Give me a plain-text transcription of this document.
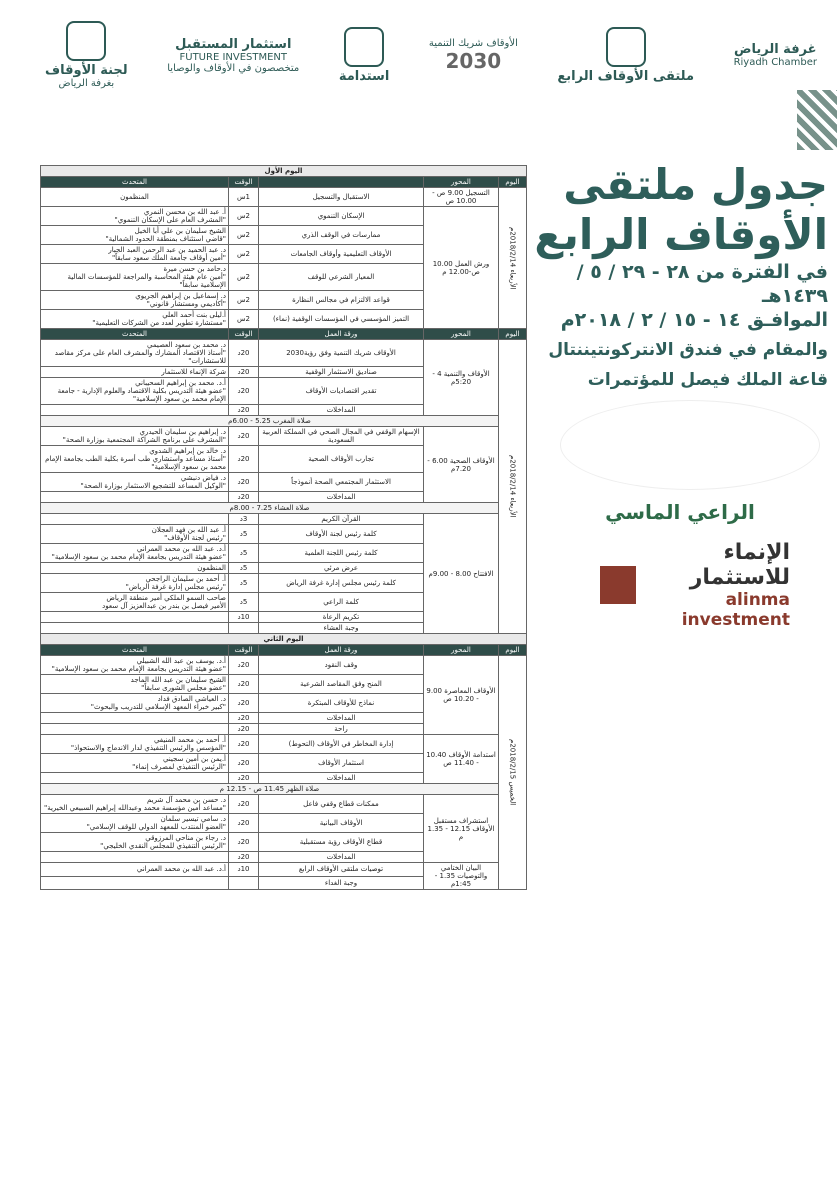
لجنة الأوقاف
بغرفة الرياض
استثمار المستقبل
FUTURE INVESTMENT
متخصصون في الأوقاف والوصايا
استدامة
الأوقاف شريك التنمية
2030
ملتقى الأوقاف الرابع
غرفة الرياض
Riyadh Chamber
جدول ملتقى
الأوقاف الرابع
في الفترة من ٢٨ - ٢٩ / ٥ / ١٤٣٩هـ
الموافـق ١٤ - ١٥ / ٢ / ٢٠١٨م
والمقام في فندق الانتركونتيننتال
قاعة الملك فيصل للمؤتمرات
الراعي الماسي
الإنماء للاستثمار
alinma investment
اليوم الأول				
اليوم	المحور		الوقت	المتحدث
الأربعاء 2018/2/14م	التسجيل 9.00 ص - 10.00 ص	الاستقبال والتسجيل	1س	المنظمون
	ورش العمل 10.00 ص-12.00 م	الإسكان التنموي	2س	أ. عبد الله بن محسن النمري
"المشرف العام على الإسكان التنموي"

		ممارسات في الوقف الذري	2س	الشيخ سليمان بن علي أبا الخيل
"قاضي استئناف بمنطقة الحدود الشمالية"

		الأوقاف التعليمية وأوقاف الجامعات	2س	د. عبد الحميد بن عبد الرحمن العبد الجبار
"أمين أوقاف جامعة الملك سعود سابقاً"

		المعيار الشرعي للوقف	2س	د.حامد بن حسن ميرة
"أمين عام هيئة المحاسبة والمراجعة للمؤسسات المالية الإسلامية سابقاً"

		قواعد الالتزام في مجالس النظارة	2س	د. إسماعيل بن إبراهيم الجريوي
"أكاديمي ومستشار قانوني"

		التميز المؤسسي في المؤسسات الوقفية (نماء)	2س	أ.ليلى بنت أحمد العلي
"مستشارة تطوير لعدد من الشركات التعليمية"

اليوم	المحور	ورقة العمل	الوقت	المتحدث
الأربعاء 2018/2/14م	الأوقاف والتنمية 4 - 5:20م	الأوقاف شريك التنمية وفق رؤية2030	20د	د. محمد بن سعود العصيمي
"أستاذ الاقتصاد المشارك والمشرف العام على مركز مقاصد للاستشارات"

		صناديق الاستثمار الوقفية	20د	شركة الإنماء للاستثمار

		تقدير اقتصاديات الأوقاف	20د	أ.د. محمد بن إبراهيم السحيباني
"عضو هيئة التدريس بكلية الاقتصاد والعلوم الإدارية - جامعة الإمام محمد بن سعود الإسلامية"

		المداخلات	20د	

	صلاة المغرب 5.25 - 6.00م			
	الأوقاف الصحية 6.00 - 7.20م	الإسهام الوقفي في المجال الصحي في المملكة العربية السعودية	20د	د. إبراهيم بن سليمان الحيدري
"المشرف على برنامج الشراكة المجتمعية بوزارة الصحة"

		تجارب الأوقاف الصحية	20د	د. خالد بن إبراهيم الشدوي
"أستاذ مساعد واستشاري طب أسرة بكلية الطب بجامعة الإمام محمد بن سعود الإسلامية"

		الاستثمار المجتمعي الصحة أنموذجاً	20د	د. فياض دنبشي
"الوكيل المساعد للتشجيع الاستثمار بوزارة الصحة"

		المداخلات	20د	

	صلاة العشاء 7.25 - 8.00م			
	الافتتاح 8.00 - 9.00م	القرآن الكريم	3د	

		كلمة رئيس لجنة الأوقاف	5د	أ. عبد الله بن فهد العجلان
"رئيس لجنة الأوقاف"

		كلمة رئيس اللجنة العلمية	5د	أ.د. عبد الله بن محمد العمراني
"عضو هيئة التدريس بجامعة الإمام محمد بن سعود الإسلامية"

		عرض مرئي	5د	المنظمون

		كلمة رئيس مجلس إدارة غرفة الرياض	5د	أ. أحمد بن سليمان الراجحي
"رئيس مجلس إدارة غرفة الرياض"

		كلمة الراعي	5د	صاحب السمو الملكي أمير منطقة الرياض
الأمير فيصل بن بندر بن عبدالعزيز آل سعود

		تكريم الرعاة	10د	

		وجبة العشاء		

اليوم الثاني				
اليوم	المحور	ورقة العمل	الوقت	المتحدث
الخميس 2018/2/15م	الأوقاف المعاصرة 9.00 - 10.20 ص	وقف النقود	20د	أ.د. يوسف بن عبد الله الشبيلي
"عضو هيئة التدريس بجامعة الإمام محمد بن سعود الإسلامية"

		المنح وفق المقاصد الشرعية	20د	الشيخ سليمان بن عبد الله الماجد
"عضو مجلس الشورى سابقاً"

		نماذج للأوقاف المبتكرة	20د	د. العياشي الصادق فداد
"كبير خبراء المعهد الإسلامي للتدريب والبحوث"

		المداخلات	20د	

		راحة	20د	

	استدامة الأوقاف 10.40 - 11.40 ص	إدارة المخاطر في الأوقاف (التحوط)	20د	أ. أحمد بن محمد المنيفي
"المؤسس والرئيس التنفيذي لدار الاندماج والاستحواذ"

		استثمار الأوقاف	20د	أ.يمن بن أمين سجيني
"الرئيس التنفيذي لمصرف إنماء"

		المداخلات	20د	

	صلاة الظهر 11.45 ص - 12.15 م			
	استشراف مستقبل الأوقاف 12.15 - 1.35 م	ممكنات قطاع وقفي فاعل	20د	د. حسن بن محمد آل شريم
"مساعد أمين مؤسسة محمد وعبدالله إبراهيم السبيعي الخيرية"

		الأوقاف البيانية	20د	د. سامي تيسير سلمان
"العضو المنتدب للمعهد الدولي للوقف الإسلامي"

		قطاع الأوقاف رؤية مستقبلية	20د	د. رجاء بن مناحي المرزوقي
"الرئيس التنفيذي للمجلس النقدي الخليجي"

		المداخلات	20د	

	البيان الختامي والتوصيات 1.35 - 1:45م	توصيات ملتقى الأوقاف الرابع	10د	أ.د. عبد الله بن محمد العمراني

		وجبة الغداء		
